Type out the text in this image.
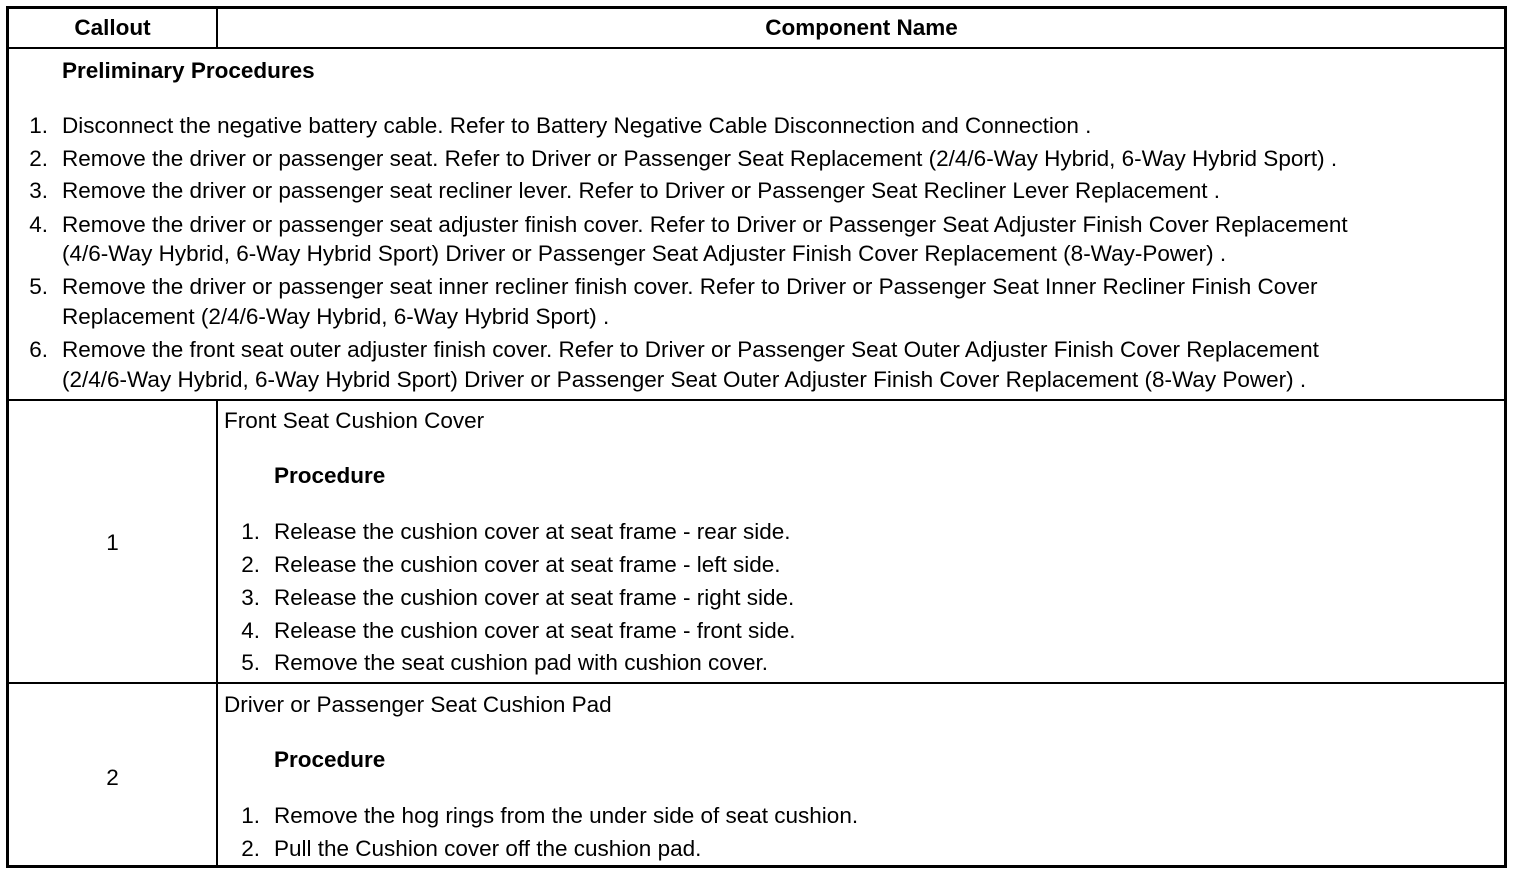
Callout	Component Name
Preliminary Procedures
1. Disconnect the negative battery cable. Refer to Battery Negative Cable Disconnection and Connection .
2. Remove the driver or passenger seat. Refer to Driver or Passenger Seat Replacement (2/4/6-Way Hybrid, 6-Way Hybrid Sport) .
3. Remove the driver or passenger seat recliner lever. Refer to Driver or Passenger Seat Recliner Lever Replacement .
4. Remove the driver or passenger seat adjuster finish cover. Refer to Driver or Passenger Seat Adjuster Finish Cover Replacement
(4/6-Way Hybrid, 6-Way Hybrid Sport) Driver or Passenger Seat Adjuster Finish Cover Replacement (8-Way-Power) .
5. Remove the driver or passenger seat inner recliner finish cover. Refer to Driver or Passenger Seat Inner Recliner Finish Cover
Replacement (2/4/6-Way Hybrid, 6-Way Hybrid Sport) .
6. Remove the front seat outer adjuster finish cover. Refer to Driver or Passenger Seat Outer Adjuster Finish Cover Replacement
(2/4/6-Way Hybrid, 6-Way Hybrid Sport) Driver or Passenger Seat Outer Adjuster Finish Cover Replacement (8-Way Power) .
1
Front Seat Cushion Cover
Procedure
1. Release the cushion cover at seat frame - rear side.
2. Release the cushion cover at seat frame - left side.
3. Release the cushion cover at seat frame - right side.
4. Release the cushion cover at seat frame - front side.
5. Remove the seat cushion pad with cushion cover.
2
Driver or Passenger Seat Cushion Pad
Procedure
1. Remove the hog rings from the under side of seat cushion.
2. Pull the Cushion cover off the cushion pad.
